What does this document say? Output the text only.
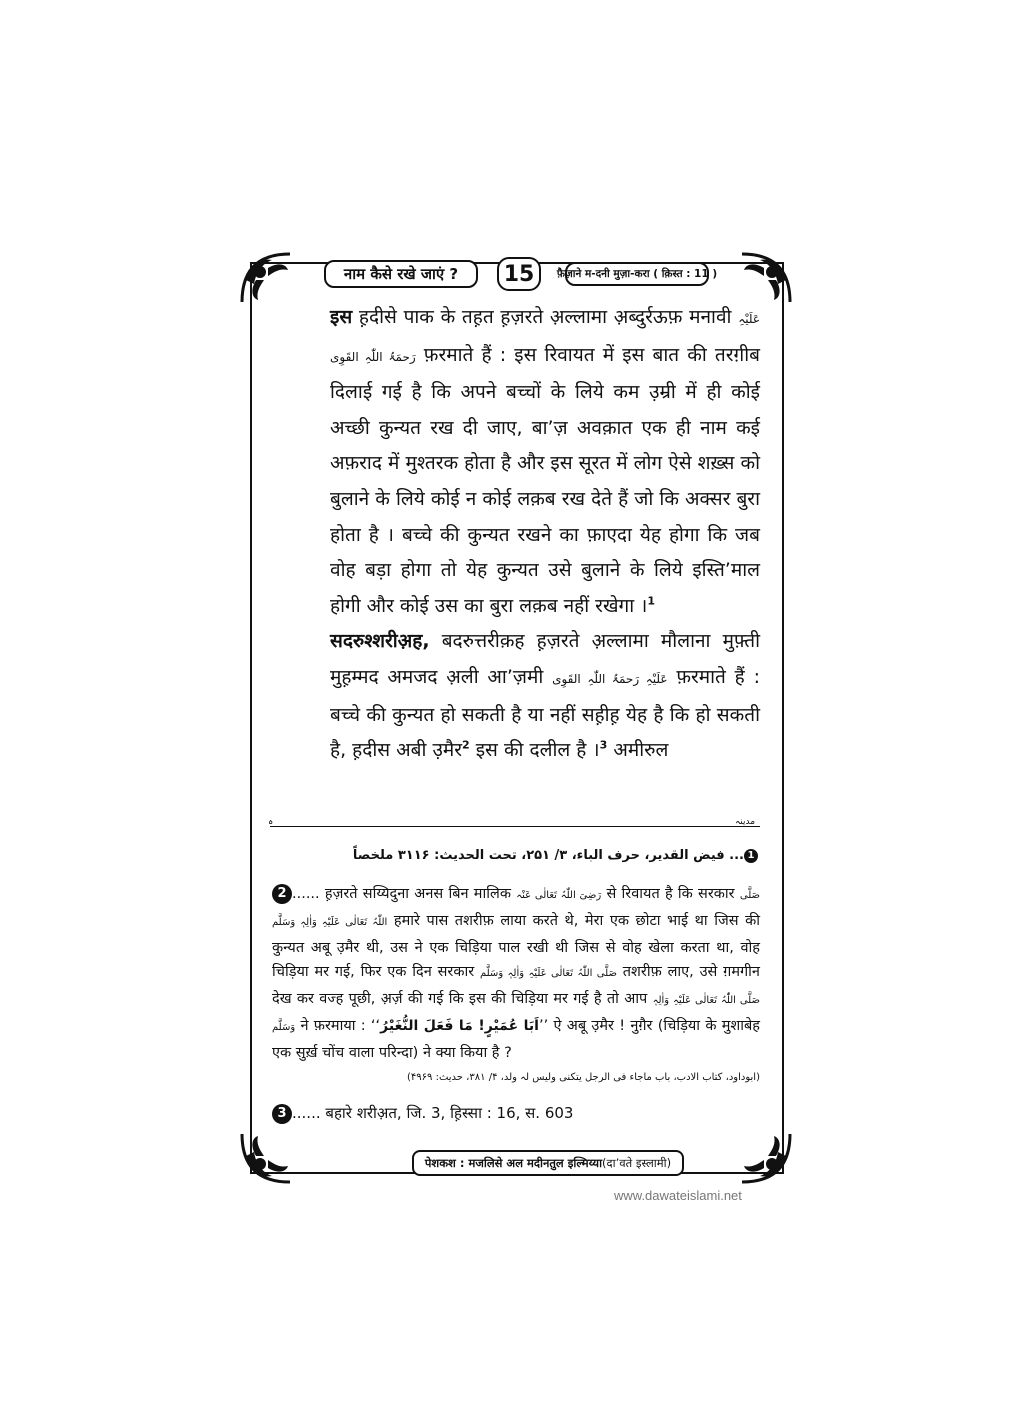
नाम कैसे रखे जाएं ?	15	फ़ैज़ाने म-दनी मुज़ा-करा ( क़िस्त : 11 )

इस ह़दीसे पाक के तह़त ह़ज़रते अ़ल्लामा अ़ब्दुर्रऊफ़ मनावी عَلَیْہِ رَحمَۃُ اللّٰہِ القَوِی फ़रमाते हैं : इस रिवायत में इस बात की तरग़ीब दिलाई गई है कि अपने बच्चों के लिये कम उ़म्री में ही कोई अच्छी कुन्यत रख दी जाए, बा’ज़ अवक़ात एक ही नाम कई अफ़राद में मुश्तरक होता है और इस सूरत में लोग ऐसे शख़्स को बुलाने के लिये कोई न कोई लक़ब रख देते हैं जो कि अक्सर बुरा होता है । बच्चे की कुन्यत रखने का फ़ाएदा येह होगा कि जब वोह बड़ा होगा तो येह कुन्यत उसे बुलाने के लिये इस्ति’माल होगी और कोई उस का बुरा लक़ब नहीं रखेगा ।$^1$

सदरुश्शरीअ़ह, बदरुत्तरीक़ह ह़ज़रते अ़ल्लामा मौलाना मुफ़्ती मुह़म्मद अमजद अ़ली आ’ज़मी عَلَیْہِ رَحمَۃُ اللّٰہِ القَوِی फ़रमाते हैं : बच्चे की कुन्यत हो सकती है या नहीं सह़ीह़ येह है कि हो सकती है, ह़दीस अबी उ़मैर$^2$ इस की दलील है ।$^3$ अमीरुल

ہ	مدینہ
1... فیض القدیر، حرف الباء، ۳/ ۲۵۱، تحت الحدیث: ۳۱۱۶ ملخصاً
2 ...... ह़ज़रते सय्यिदुना अनस बिन मालिक رَضِیَ اللّٰہُ تَعَالٰی عَنْہ से रिवायत है कि सरकार صَلَّی اللّٰہُ تَعَالٰی عَلَیْہِ وَاٰلِہٖ وَسَلَّم हमारे पास तशरीफ़ लाया करते थे, मेरा एक छोटा भाई था जिस की कुन्यत अबू उ़मैर थी, उस ने एक चिड़िया पाल रखी थी जिस से वोह खेला करता था, वोह चिड़िया मर गई, फिर एक दिन सरकार صَلَّی اللّٰہُ تَعَالٰی عَلَیْہِ وَاٰلِہٖ وَسَلَّم तशरीफ़ लाए, उसे ग़मगीन देख कर वज्ह पूछी, अ़र्ज़ की गई कि इस की चिड़िया मर गई है तो आप صَلَّی اللّٰہُ تَعَالٰی عَلَیْہِ وَاٰلِہٖ وَسَلَّم ने फ़रमाया : ‘‘اَبَا عُمَیْرٍ! مَا فَعَلَ النُّغَیْرُ’’ ऐ अबू उ़मैर ! नुग़ैर (चिड़िया के मुशाबेह एक सुर्ख़ चोंच वाला परिन्दा) ने क्या किया है ?
(ابوداود، کتاب الادب، باب ماجاء فی الرجل یتکنی ولیس لہ ولد، ۴/ ۳۸۱، حدیث: ۴۹۶۹)
3 ...... बहारे शरीअ़त, जि. 3, ह़िस्सा : 16, स. 603
पेशकश : मजलिसे अल मदीनतुल इल्मिय्या (दा’वते इस्लामी)
www.dawateislami.net
